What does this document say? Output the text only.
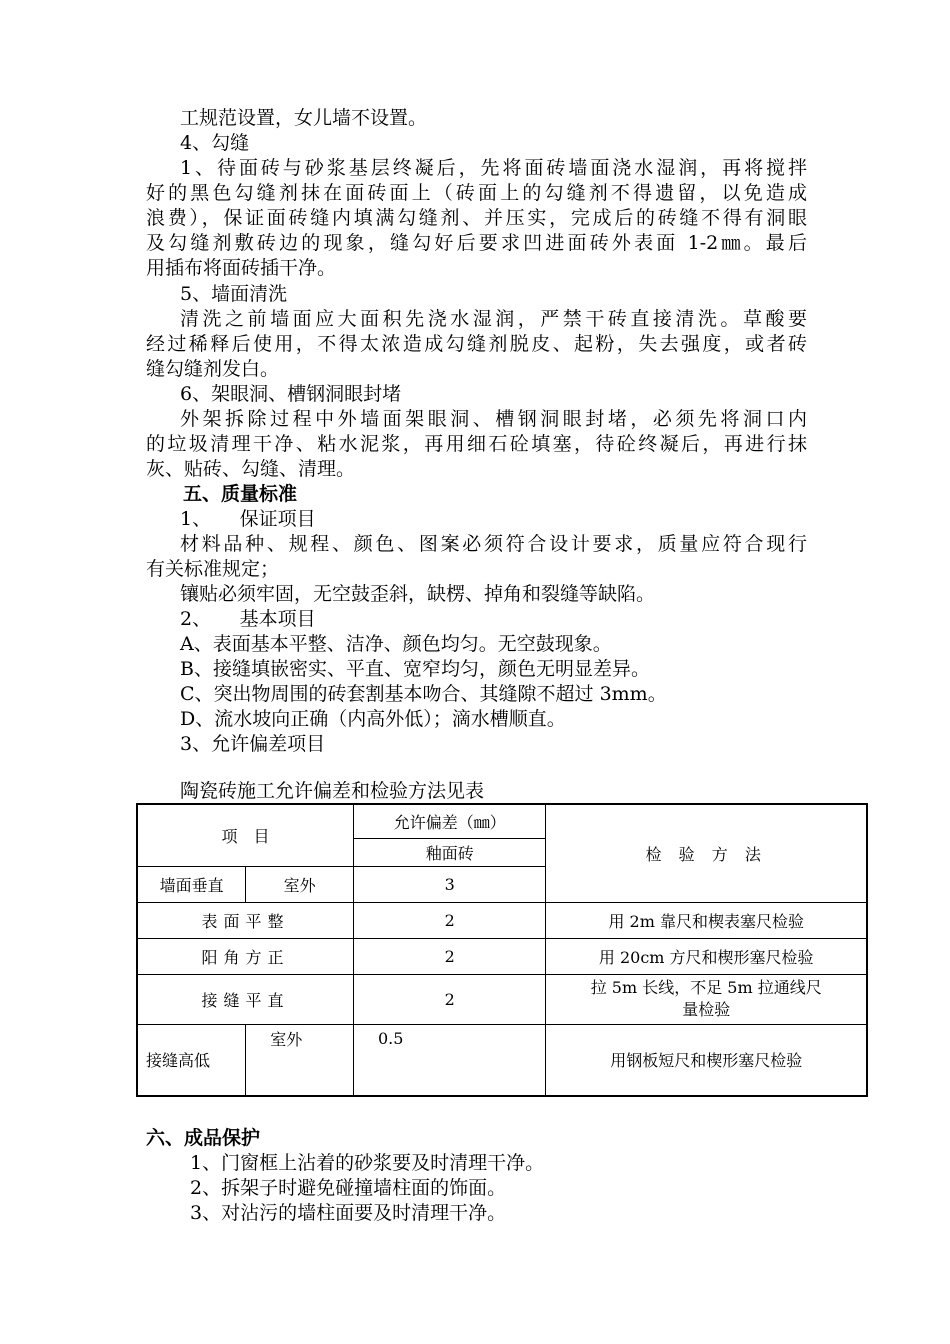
工规范设置，女儿墙不设置。
4、勾缝
1、待面砖与砂浆基层终凝后，先将面砖墙面浇水湿润，再将搅拌
好的黑色勾缝剂抹在面砖面上（砖面上的勾缝剂不得遗留，以免造成
浪费），保证面砖缝内填满勾缝剂、并压实，完成后的砖缝不得有洞眼
及勾缝剂敷砖边的现象，缝勾好后要求凹进面砖外表面 1-2㎜。最后
用插布将面砖插干净。
5、墙面清洗
清洗之前墙面应大面积先浇水湿润，严禁干砖直接清洗。草酸要
经过稀释后使用，不得太浓造成勾缝剂脱皮、起粉，失去强度，或者砖
缝勾缝剂发白。
6、架眼洞、槽钢洞眼封堵
外架拆除过程中外墙面架眼洞、槽钢洞眼封堵，必须先将洞口内
的垃圾清理干净、粘水泥浆，再用细石砼填塞，待砼终凝后，再进行抹
灰、贴砖、勾缝、清理。
五、质量标准
1、　　保证项目
材料品种、规程、颜色、图案必须符合设计要求，质量应符合现行
有关标准规定；
镶贴必须牢固，无空鼓歪斜，缺楞、掉角和裂缝等缺陷。
2、　　基本项目
A、表面基本平整、洁净、颜色均匀。无空鼓现象。
B、接缝填嵌密实、平直、宽窄均匀，颜色无明显差异。
C、突出物周围的砖套割基本吻合、其缝隙不超过 3mm。
D、流水坡向正确（内高外低）；滴水槽顺直。
3、允许偏差项目
陶瓷砖施工允许偏差和检验方法见表
项　目		允许偏差（㎜）	检 验 方 法
		釉面砖	
墙面垂直	室外	3	
表面平整		2	用 2m 靠尺和楔表塞尺检验
阳角方正		2	用 20cm 方尺和楔形塞尺检验
接缝平直		2	拉 5m 长线，不足 5m 拉通线尺
量检验

接缝高低	室外	0.5	用钢板短尺和楔形塞尺检验
六、成品保护
1、门窗框上沾着的砂浆要及时清理干净。
2、拆架子时避免碰撞墙柱面的饰面。
3、对沾污的墙柱面要及时清理干净。
